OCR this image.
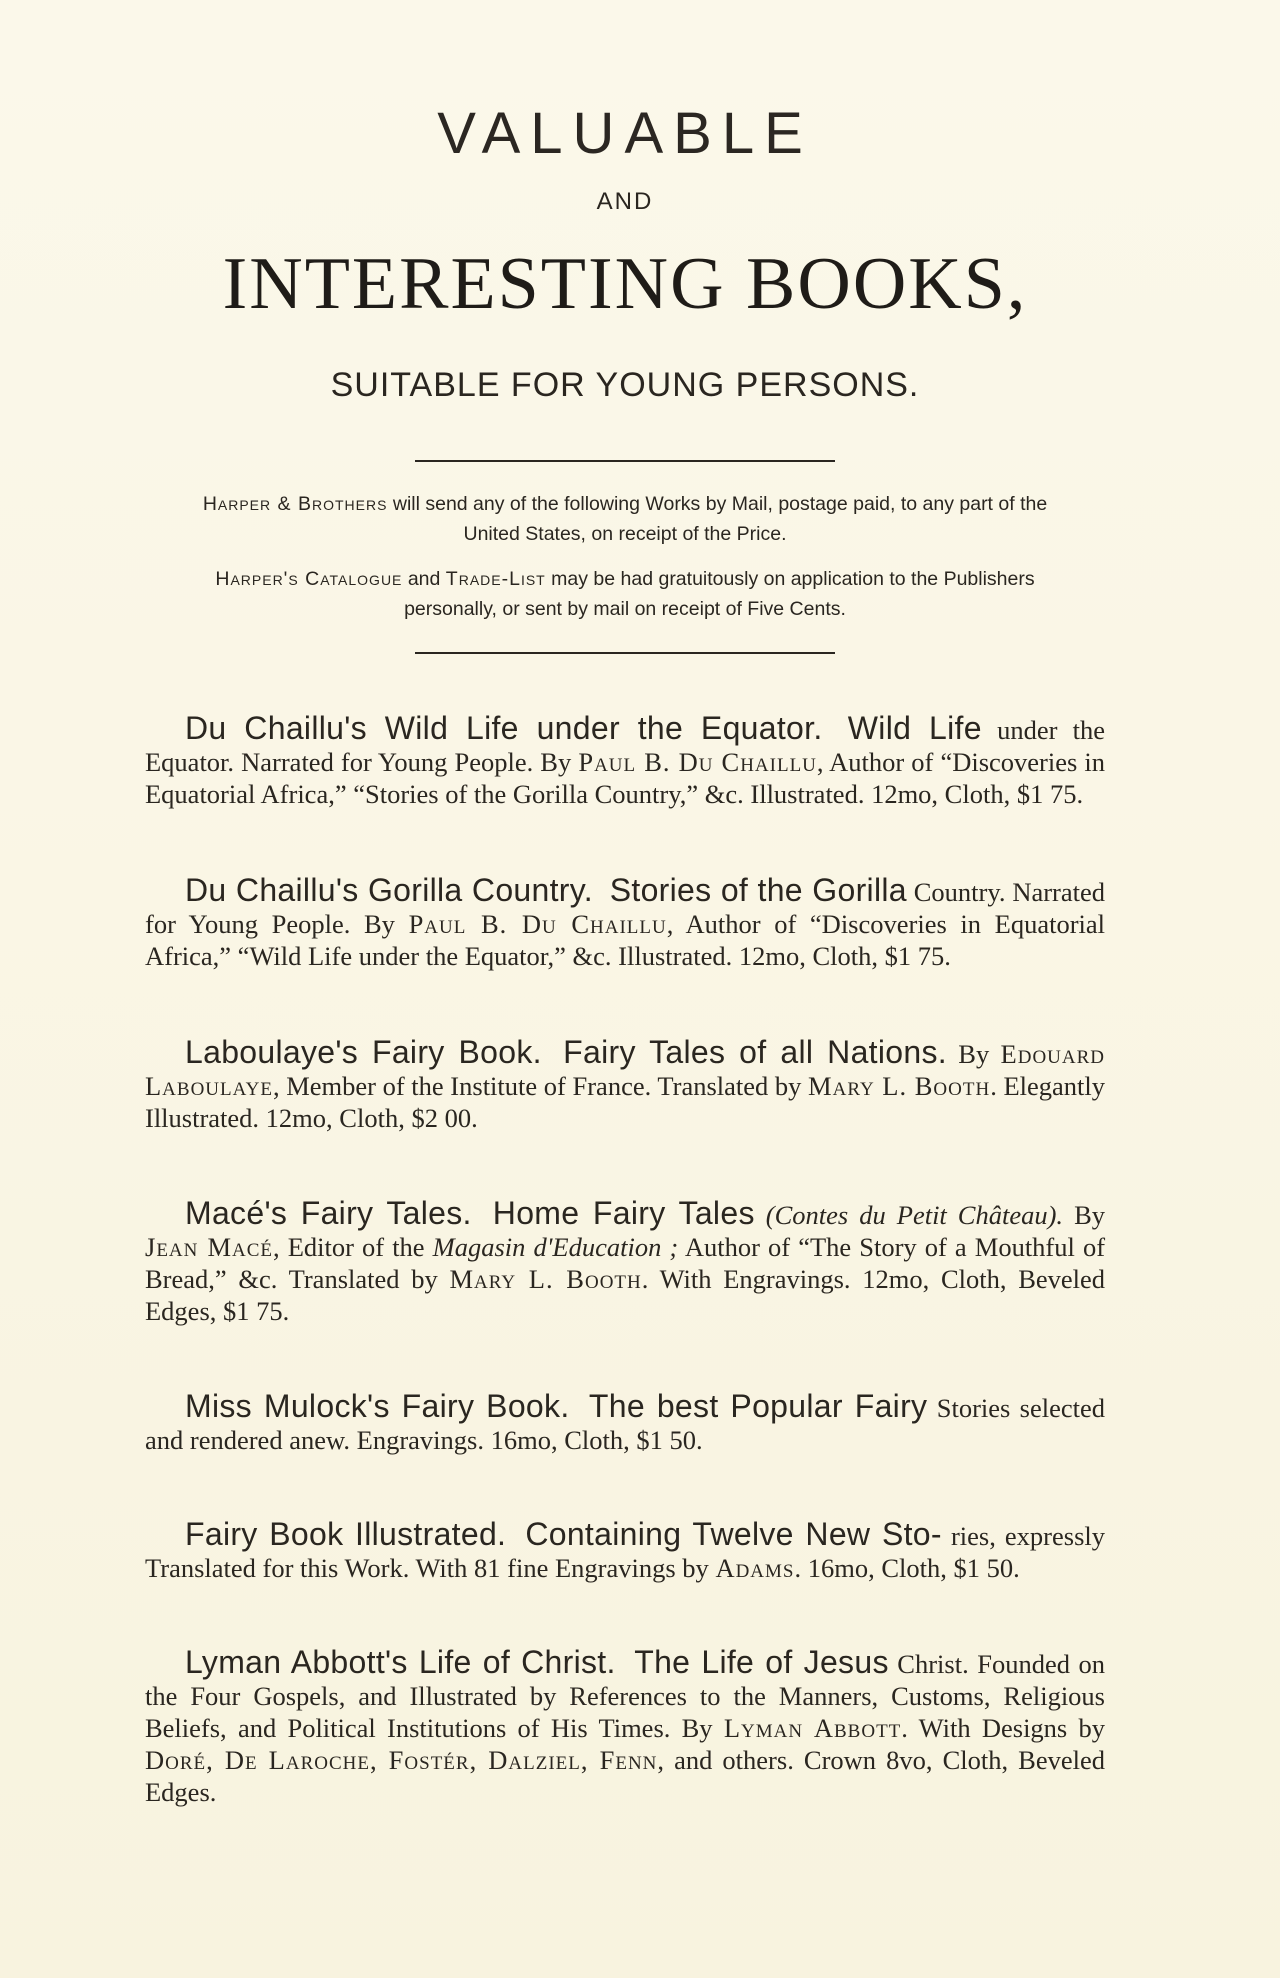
VALUABLE
AND
INTERESTING BOOKS,
SUITABLE FOR YOUNG PERSONS.
Harper & Brothers will send any of the following Works by Mail, postage paid, to any part of the United States, on receipt of the Price.
Harper's Catalogue and Trade-List may be had gratuitously on application to the Publishers personally, or sent by mail on receipt of Five Cents.
Du Chaillu's Wild Life under the Equator. Wild Life under the Equator. Narrated for Young People. By Paul B. Du Chaillu, Author of “Discoveries in Equatorial Africa,” “Stories of the Gorilla Country,” &c. Illustrated. 12mo, Cloth, $1 75.
Du Chaillu's Gorilla Country. Stories of the Gorilla Country. Narrated for Young People. By Paul B. Du Chaillu, Author of “Discoveries in Equatorial Africa,” “Wild Life under the Equator,” &c. Illustrated. 12mo, Cloth, $1 75.
Laboulaye's Fairy Book. Fairy Tales of all Nations. By Edouard Laboulaye, Member of the Institute of France. Translated by Mary L. Booth. Elegantly Illustrated. 12mo, Cloth, $2 00.
Macé's Fairy Tales. Home Fairy Tales (Contes du Petit Château). By Jean Macé, Editor of the Magasin d'Education ; Author of “The Story of a Mouthful of Bread,” &c. Translated by Mary L. Booth. With Engravings. 12mo, Cloth, Beveled Edges, $1 75.
Miss Mulock's Fairy Book. The best Popular Fairy Stories selected and rendered anew. Engravings. 16mo, Cloth, $1 50.
Fairy Book Illustrated. Containing Twelve New Sto- ries, expressly Translated for this Work. With 81 fine Engravings by Adams. 16mo, Cloth, $1 50.
Lyman Abbott's Life of Christ. The Life of Jesus Christ. Founded on the Four Gospels, and Illustrated by References to the Manners, Customs, Religious Beliefs, and Political Institutions of His Times. By Lyman Abbott. With Designs by Doré, De Laroche, Fostér, Dalziel, Fenn, and others. Crown 8vo, Cloth, Beveled Edges.
